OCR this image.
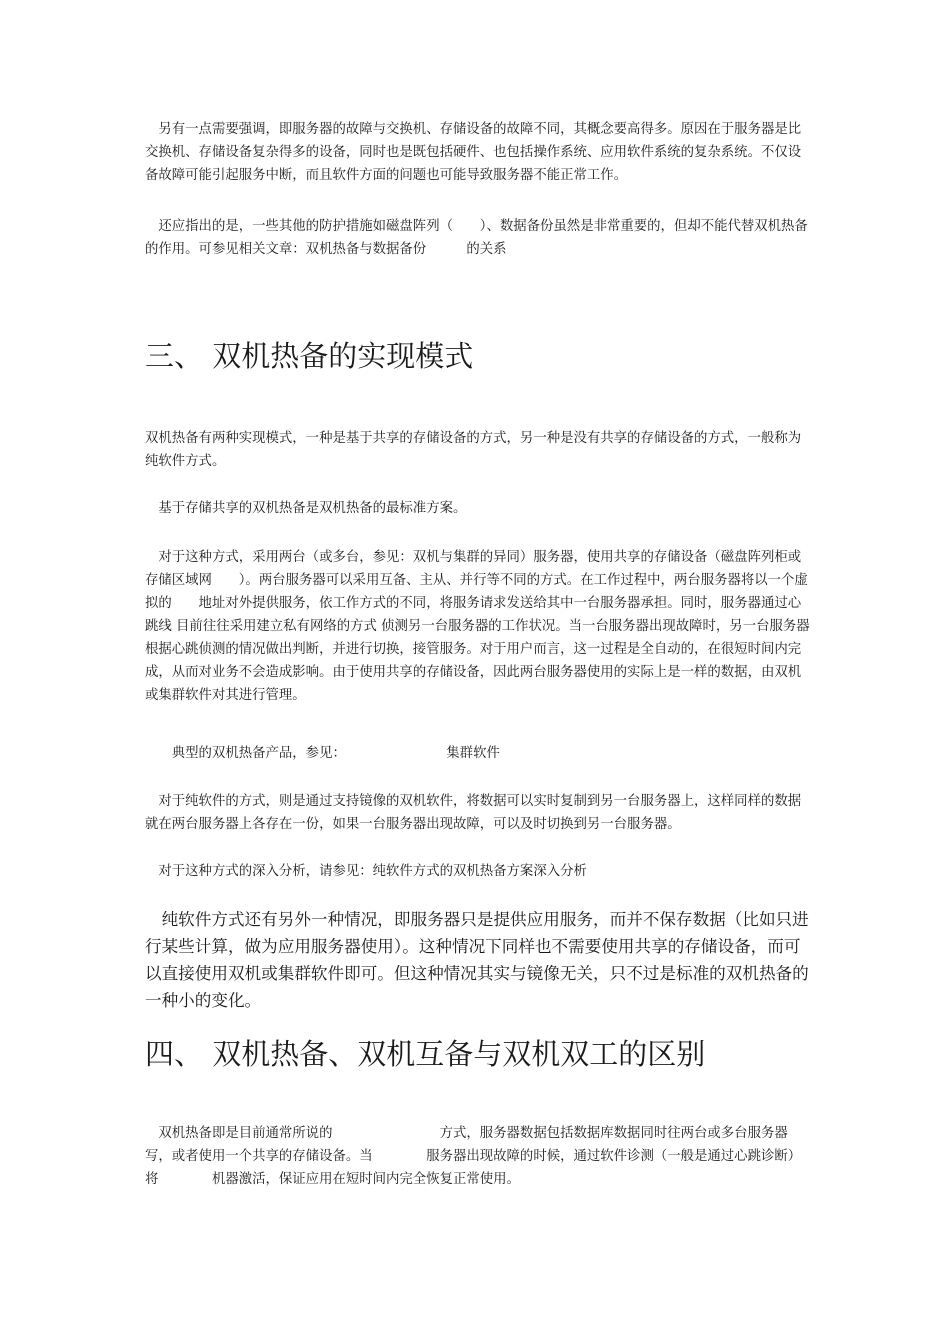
　另有一点需要强调，即服务器的故障与交换机、存储设备的故障不同，其概念要高得多。原因在于服务器是比交换机、存储设备复杂得多的设备，同时也是既包括硬件、也包括操作系统、应用软件系统的复杂系统。不仅设备故障可能引起服务中断，而且软件方面的问题也可能导致服务器不能正常工作。

　还应指出的是，一些其他的防护措施如磁盘阵列（　　）、数据备份虽然是非常重要的，但却不能代替双机热备的作用。可参见相关文章：双机热备与数据备份　　　的关系

三、 双机热备的实现模式

双机热备有两种实现模式，一种是基于共享的存储设备的方式，另一种是没有共享的存储设备的方式，一般称为纯软件方式。

　基于存储共享的双机热备是双机热备的最标准方案。

　对于这种方式，采用两台（或多台，参见：双机与集群的异同）服务器，使用共享的存储设备（磁盘阵列柜或存储区域网　　）。两台服务器可以采用互备、主从、并行等不同的方式。在工作过程中，两台服务器将以一个虚拟的　　地址对外提供服务，依工作方式的不同，将服务请求发送给其中一台服务器承担。同时，服务器通过心跳线 目前往往采用建立私有网络的方式 侦测另一台服务器的工作状况。当一台服务器出现故障时，另一台服务器根据心跳侦测的情况做出判断，并进行切换，接管服务。对于用户而言，这一过程是全自动的，在很短时间内完成，从而对业务不会造成影响。由于使用共享的存储设备，因此两台服务器使用的实际上是一样的数据，由双机或集群软件对其进行管理。

　　典型的双机热备产品，参见：　　　　　　　　集群软件

　对于纯软件的方式，则是通过支持镜像的双机软件，将数据可以实时复制到另一台服务器上，这样同样的数据就在两台服务器上各存在一份，如果一台服务器出现故障，可以及时切换到另一台服务器。

　对于这种方式的深入分析，请参见：纯软件方式的双机热备方案深入分析

　纯软件方式还有另外一种情况，即服务器只是提供应用服务，而并不保存数据（比如只进行某些计算，做为应用服务器使用）。这种情况下同样也不需要使用共享的存储设备，而可以直接使用双机或集群软件即可。但这种情况其实与镜像无关，只不过是标准的双机热备的一种小的变化。

四、 双机热备、双机互备与双机双工的区别

　双机热备即是目前通常所说的　　　　　　　　方式，服务器数据包括数据库数据同时往两台或多台服务器写，或者使用一个共享的存储设备。当　　　　服务器出现故障的时候，通过软件诊测（一般是通过心跳诊断）将　　　　机器激活，保证应用在短时间内完全恢复正常使用。
